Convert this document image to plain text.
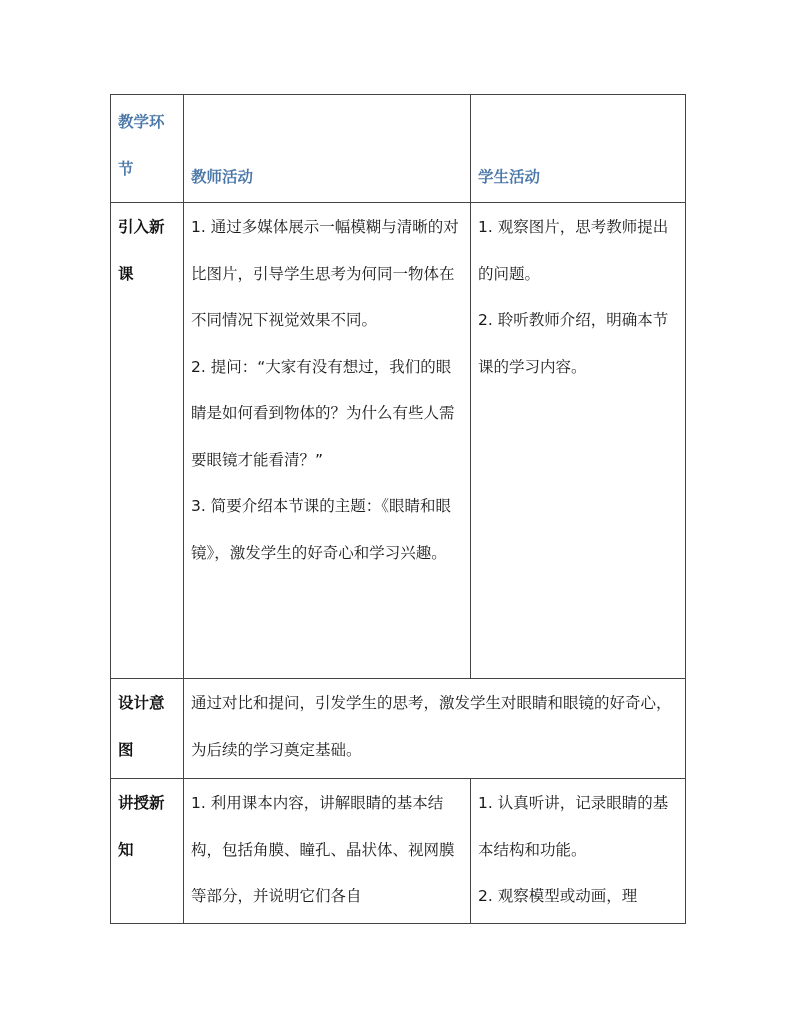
教学环节	教师活动	学生活动
引入新课	1. 通过多媒体展示一幅模糊与清晰的对比图片，引导学生思考为何同一物体在不同情况下视觉效果不同。
2. 提问：“大家有没有想过，我们的眼睛是如何看到物体的？为什么有些人需要眼镜才能看清？”
3. 简要介绍本节课的主题：《眼睛和眼镜》，激发学生的好奇心和学习兴趣。	1. 观察图片，思考教师提出的问题。
2. 聆听教师介绍，明确本节课的学习内容。

设计意图	通过对比和提问，引发学生的思考，激发学生对眼睛和眼镜的好奇心，为后续的学习奠定基础。	
讲授新知	1. 利用课本内容，讲解眼睛的基本结构，包括角膜、瞳孔、晶状体、视网膜等部分，并说明它们各自	1. 认真听讲，记录眼睛的基本结构和功能。
2. 观察模型或动画，理
